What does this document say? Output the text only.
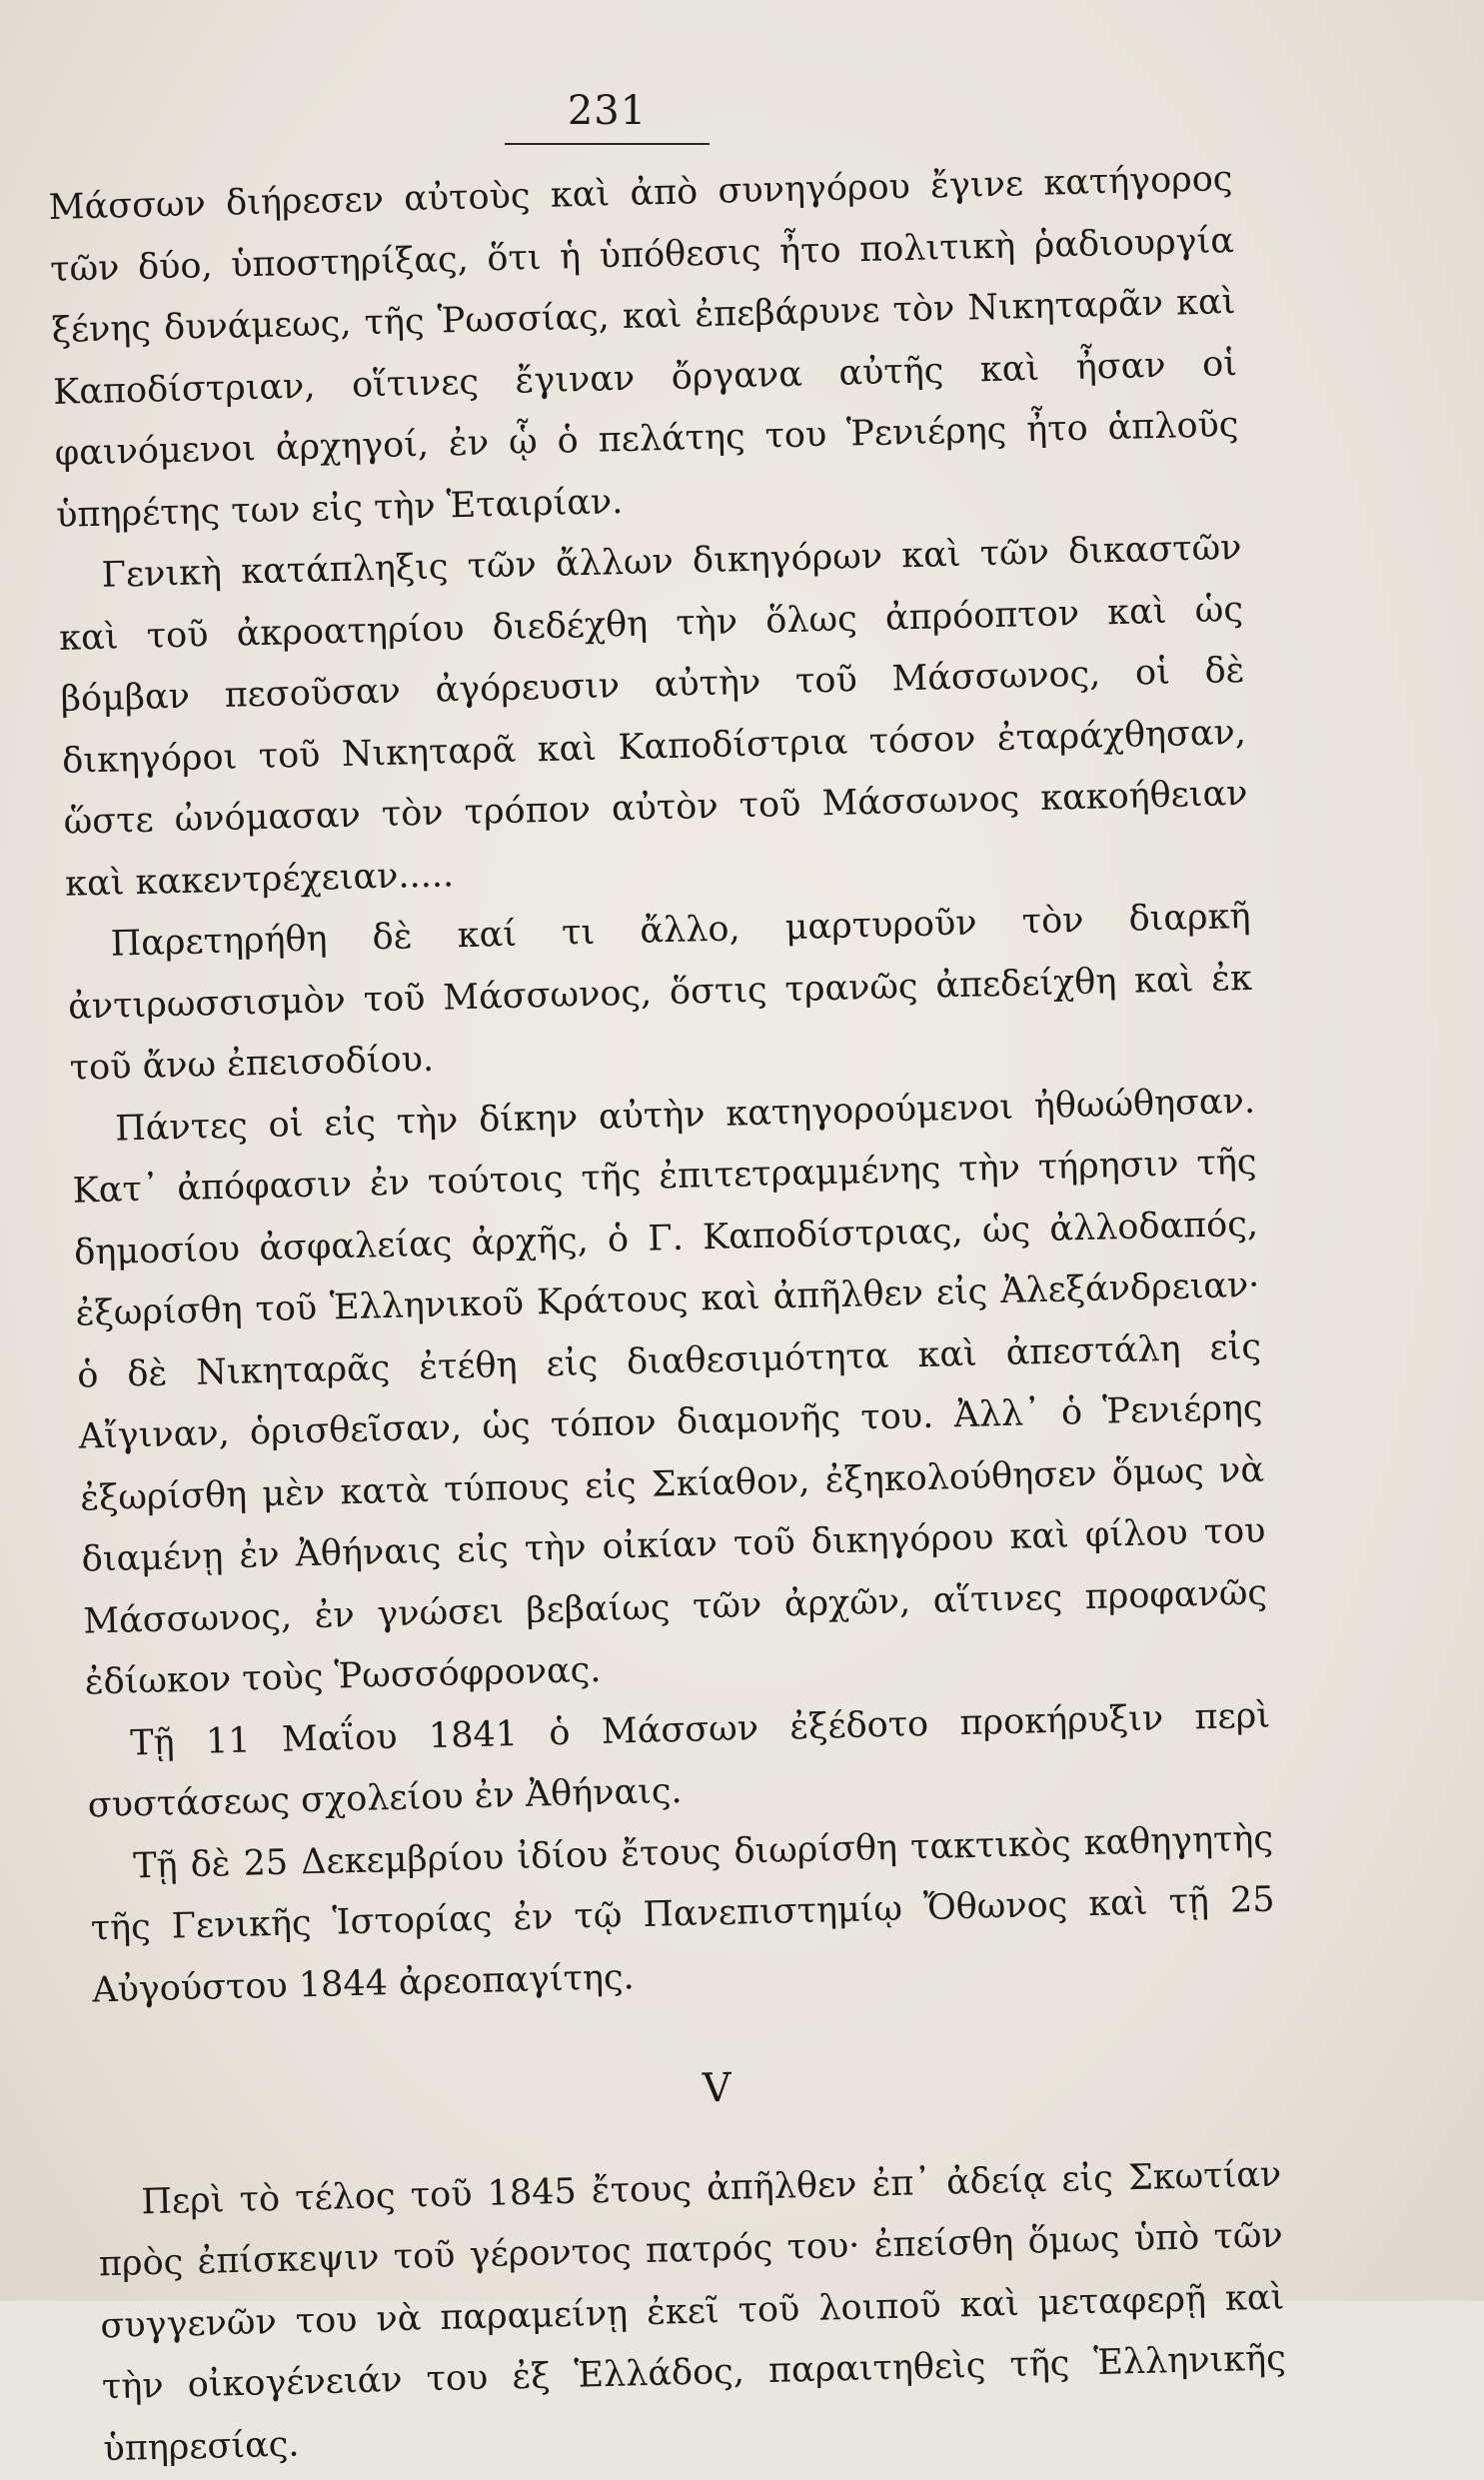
231

Μάσσων διήρεσεν αὐτοὺς καὶ ἀπὸ συνηγόρου ἔγινε κατήγορος τῶν δύο, ὑποστηρίξας, ὅτι ἡ ὑπόθεσις ἦτο πολιτικὴ ῥαδιουργία ξένης δυνάμεως, τῆς Ῥωσσίας, καὶ ἐπεβάρυνε τὸν Νικηταρᾶν καὶ Καποδίστριαν, οἵτινες ἔγιναν ὄργανα αὐτῆς καὶ ἦσαν οἱ φαινόμενοι ἀρχηγοί, ἐν ᾧ ὁ πελάτης του Ῥενιέρης ἦτο ἁπλοῦς ὑπηρέτης των εἰς τὴν Ἑταιρίαν.

Γενικὴ κατάπληξις τῶν ἄλλων δικηγόρων καὶ τῶν δικαστῶν καὶ τοῦ ἀκροατηρίου διεδέχθη τὴν ὅλως ἀπρόοπτον καὶ ὡς βόμβαν πεσοῦσαν ἀγόρευσιν αὐτὴν τοῦ Μάσσωνος, οἱ δὲ δικηγόροι τοῦ Νικηταρᾶ καὶ Καποδίστρια τόσον ἐταράχθησαν, ὥστε ὠνόμασαν τὸν τρόπον αὐτὸν τοῦ Μάσσωνος κακοήθειαν καὶ κακεντρέχειαν.....

Παρετηρήθη δὲ καί τι ἄλλο, μαρτυροῦν τὸν διαρκῆ ἀντιρωσσισμὸν τοῦ Μάσσωνος, ὅστις τρανῶς ἀπεδείχθη καὶ ἐκ τοῦ ἄνω ἐπεισοδίου.

Πάντες οἱ εἰς τὴν δίκην αὐτὴν κατηγορούμενοι ἠθωώθησαν. Κατ᾽ ἀπόφασιν ἐν τούτοις τῆς ἐπιτετραμμένης τὴν τήρησιν τῆς δημοσίου ἀσφαλείας ἀρχῆς, ὁ Γ. Καποδίστριας, ὡς ἀλλοδαπός, ἐξωρίσθη τοῦ Ἑλληνικοῦ Κράτους καὶ ἀπῆλθεν εἰς Ἀλεξάνδρειαν· ὁ δὲ Νικηταρᾶς ἐτέθη εἰς διαθεσιμότητα καὶ ἀπεστάλη εἰς Αἴγιναν, ὁρισθεῖσαν, ὡς τόπον διαμονῆς του. Ἀλλ᾽ ὁ Ῥενιέρης ἐξωρίσθη μὲν κατὰ τύπους εἰς Σκίαθον, ἐξηκολούθησεν ὅμως νὰ διαμένῃ ἐν Ἀθήναις εἰς τὴν οἰκίαν τοῦ δικηγόρου καὶ φίλου του Μάσσωνος, ἐν γνώσει βεβαίως τῶν ἀρχῶν, αἵτινες προφανῶς ἐδίωκον τοὺς Ῥωσσόφρονας.

Τῇ 11 Μαΐου 1841 ὁ Μάσσων ἐξέδοτο προκήρυξιν περὶ συστάσεως σχολείου ἐν Ἀθήναις.

Τῇ δὲ 25 Δεκεμβρίου ἰδίου ἔτους διωρίσθη τακτικὸς καθηγητὴς τῆς Γενικῆς Ἱστορίας ἐν τῷ Πανεπιστημίῳ Ὄθωνος καὶ τῇ 25 Αὐγούστου 1844 ἀρεοπαγίτης.

V

Περὶ τὸ τέλος τοῦ 1845 ἔτους ἀπῆλθεν ἐπ᾽ ἀδείᾳ εἰς Σκωτίαν πρὸς ἐπίσκεψιν τοῦ γέροντος πατρός του· ἐπείσθη ὅμως ὑπὸ τῶν συγγενῶν του νὰ παραμείνῃ ἐκεῖ τοῦ λοιποῦ καὶ μεταφερῇ καὶ τὴν οἰκογένειάν του ἐξ Ἑλλάδος, παραιτηθεὶς τῆς Ἑλληνικῆς ὑπηρεσίας.
